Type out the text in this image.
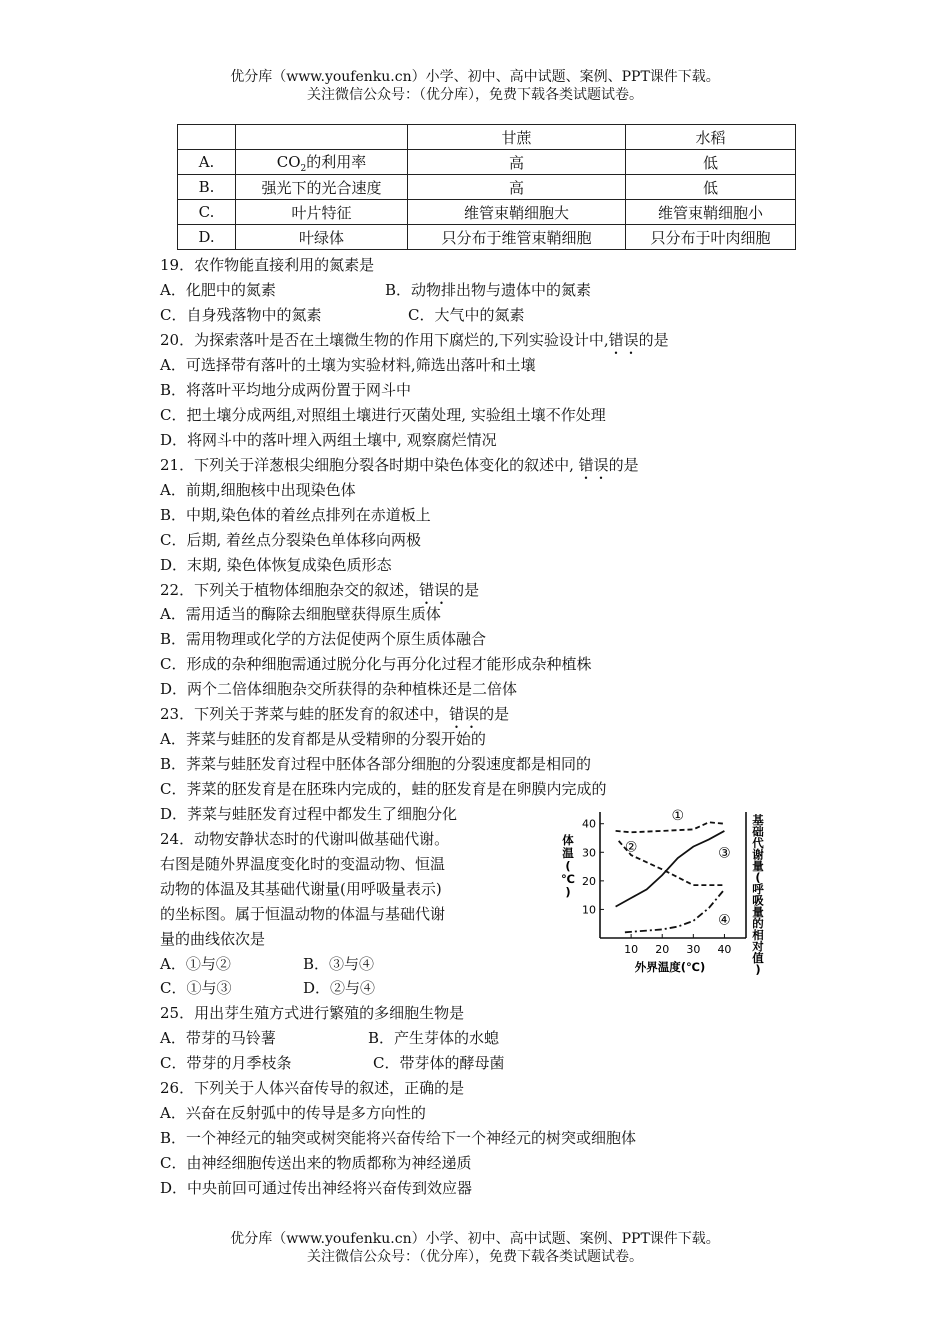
优分库（www.youfenku.cn）小学、初中、高中试题、案例、PPT课件下载。
关注微信公众号：（优分库），免费下载各类试题试卷。
		甘蔗	水稻
A.	$CO_2$的利用率	高	低
B.	强光下的光合速度	高	低
C.	叶片特征	维管束鞘细胞大	维管束鞘细胞小
D.	叶绿体	只分布于维管束鞘细胞	只分布于叶肉细胞
19．农作物能直接利用的氮素是
A．化肥中的氮素	B．动物排出物与遗体中的氮素
C．自身残落物中的氮素	C．大气中的氮素
20．为探索落叶是否在土壤微生物的作用下腐烂的,下列实验设计中,错误的是
A．可选择带有落叶的土壤为实验材料,筛选出落叶和土壤
B．将落叶平均地分成两份置于网斗中
C．把土壤分成两组,对照组土壤进行灭菌处理, 实验组土壤不作处理
D．将网斗中的落叶埋入两组土壤中, 观察腐烂情况
21．下列关于洋葱根尖细胞分裂各时期中染色体变化的叙述中, 错误的是
A．前期,细胞核中出现染色体
B．中期,染色体的着丝点排列在赤道板上
C．后期, 着丝点分裂染色单体移向两极
D．末期, 染色体恢复成染色质形态
22．下列关于植物体细胞杂交的叙述，错误的是
A．需用适当的酶除去细胞壁获得原生质体
B．需用物理或化学的方法促使两个原生质体融合
C．形成的杂种细胞需通过脱分化与再分化过程才能形成杂种植株
D．两个二倍体细胞杂交所获得的杂种植株还是二倍体
23．下列关于荠菜与蛙的胚发育的叙述中，错误的是
A．荠菜与蛙胚的发育都是从受精卵的分裂开始的
B．荠菜与蛙胚发育过程中胚体各部分细胞的分裂速度都是相同的
C．荠菜的胚发育是在胚珠内完成的，蛙的胚发育是在卵膜内完成的
D．荠菜与蛙胚发育过程中都发生了细胞分化
24．动物安静状态时的代谢叫做基础代谢。
右图是随外界温度变化时的变温动物、恒温
动物的体温及其基础代谢量(用呼吸量表示)
的坐标图。属于恒温动物的体温与基础代谢
量的曲线依次是
A．①与②	B．③与④
C．①与③	D．②与④
25．用出芽生殖方式进行繁殖的多细胞生物是
A．带芽的马铃薯	B．产生芽体的水螅
C．带芽的月季枝条	C．带芽体的酵母菌
26．下列关于人体兴奋传导的叙述，正确的是
A．兴奋在反射弧中的传导是多方向性的
B．一个神经元的轴突或树突能将兴奋传给下一个神经元的树突或细胞体
C．由神经细胞传送出来的物质都称为神经递质
D．中央前回可通过传出神经将兴奋传到效应器
10
20
30
40
10 20 30 40
①
②	③
④
外界温度(℃)
体温( ℃ )
基础代谢量(呼吸量的相对值)
优分库（www.youfenku.cn）小学、初中、高中试题、案例、PPT课件下载。
关注微信公众号：（优分库），免费下载各类试题试卷。
